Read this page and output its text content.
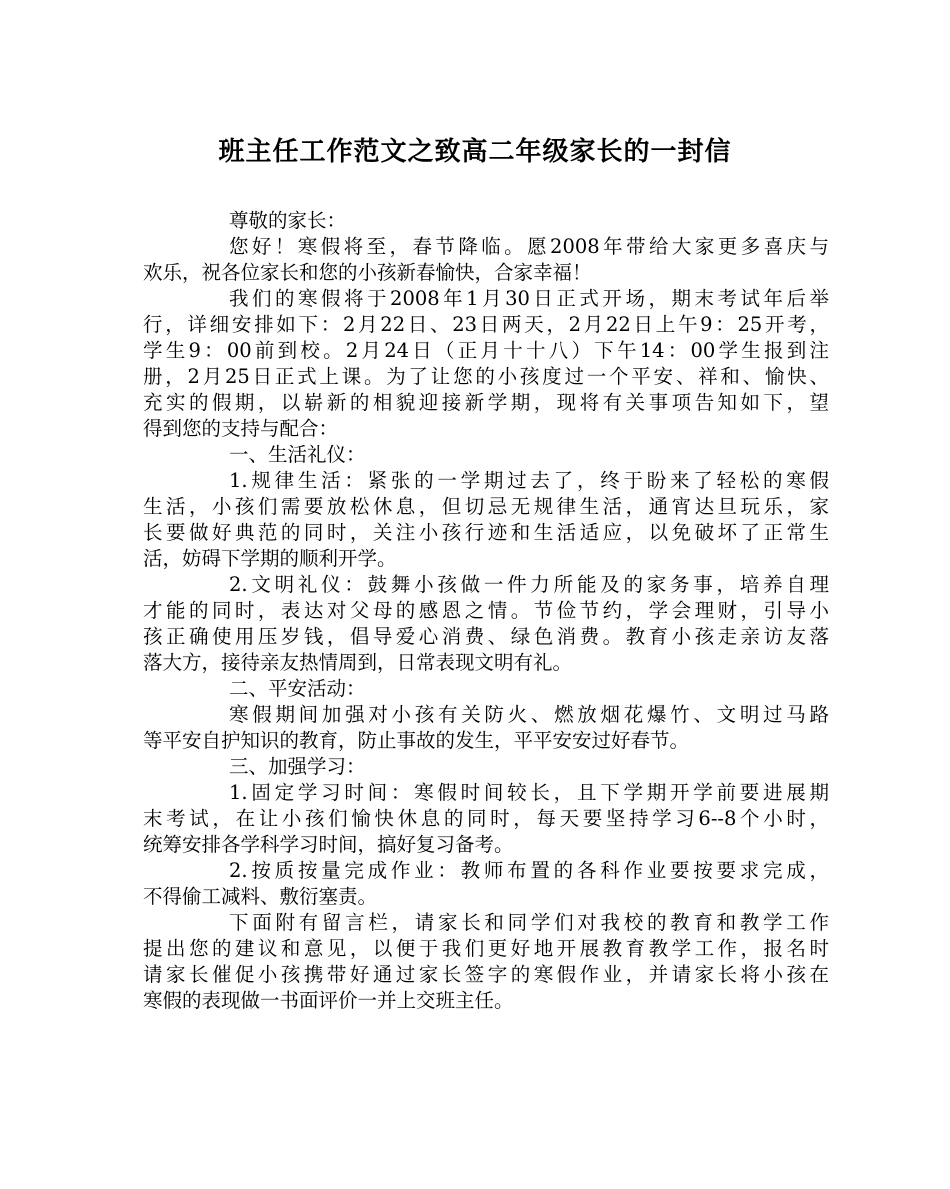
班主任工作范文之致高二年级家长的一封信
尊敬的家长：
您好！寒假将至，春节降临。愿2008年带给大家更多喜庆与
欢乐，祝各位家长和您的小孩新春愉快，合家幸福！
我们的寒假将于2008年1月30日正式开场，期末考试年后举
行，详细安排如下：2月22日、23日两天，2月22日上午9：25开考，
学生9：00前到校。2月24日（正月十十八）下午14：00学生报到注
册，2月25日正式上课。为了让您的小孩度过一个平安、祥和、愉快、
充实的假期，以崭新的相貌迎接新学期，现将有关事项告知如下，望
得到您的支持与配合：
一、生活礼仪：
1.规律生活：紧张的一学期过去了，终于盼来了轻松的寒假
生活，小孩们需要放松休息，但切忌无规律生活，通宵达旦玩乐，家
长要做好典范的同时，关注小孩行迹和生活适应，以免破坏了正常生
活，妨碍下学期的顺利开学。
2.文明礼仪：鼓舞小孩做一件力所能及的家务事，培养自理
才能的同时，表达对父母的感恩之情。节俭节约，学会理财，引导小
孩正确使用压岁钱，倡导爱心消费、绿色消费。教育小孩走亲访友落
落大方，接待亲友热情周到，日常表现文明有礼。
二、平安活动：
寒假期间加强对小孩有关防火、燃放烟花爆竹、文明过马路
等平安自护知识的教育，防止事故的发生，平平安安过好春节。
三、加强学习：
1.固定学习时间：寒假时间较长，且下学期开学前要进展期
末考试，在让小孩们愉快休息的同时，每天要坚持学习6--8个小时，
统筹安排各学科学习时间，搞好复习备考。
2.按质按量完成作业：教师布置的各科作业要按要求完成，
不得偷工减料、敷衍塞责。
下面附有留言栏，请家长和同学们对我校的教育和教学工作
提出您的建议和意见，以便于我们更好地开展教育教学工作，报名时
请家长催促小孩携带好通过家长签字的寒假作业，并请家长将小孩在
寒假的表现做一书面评价一并上交班主任。
